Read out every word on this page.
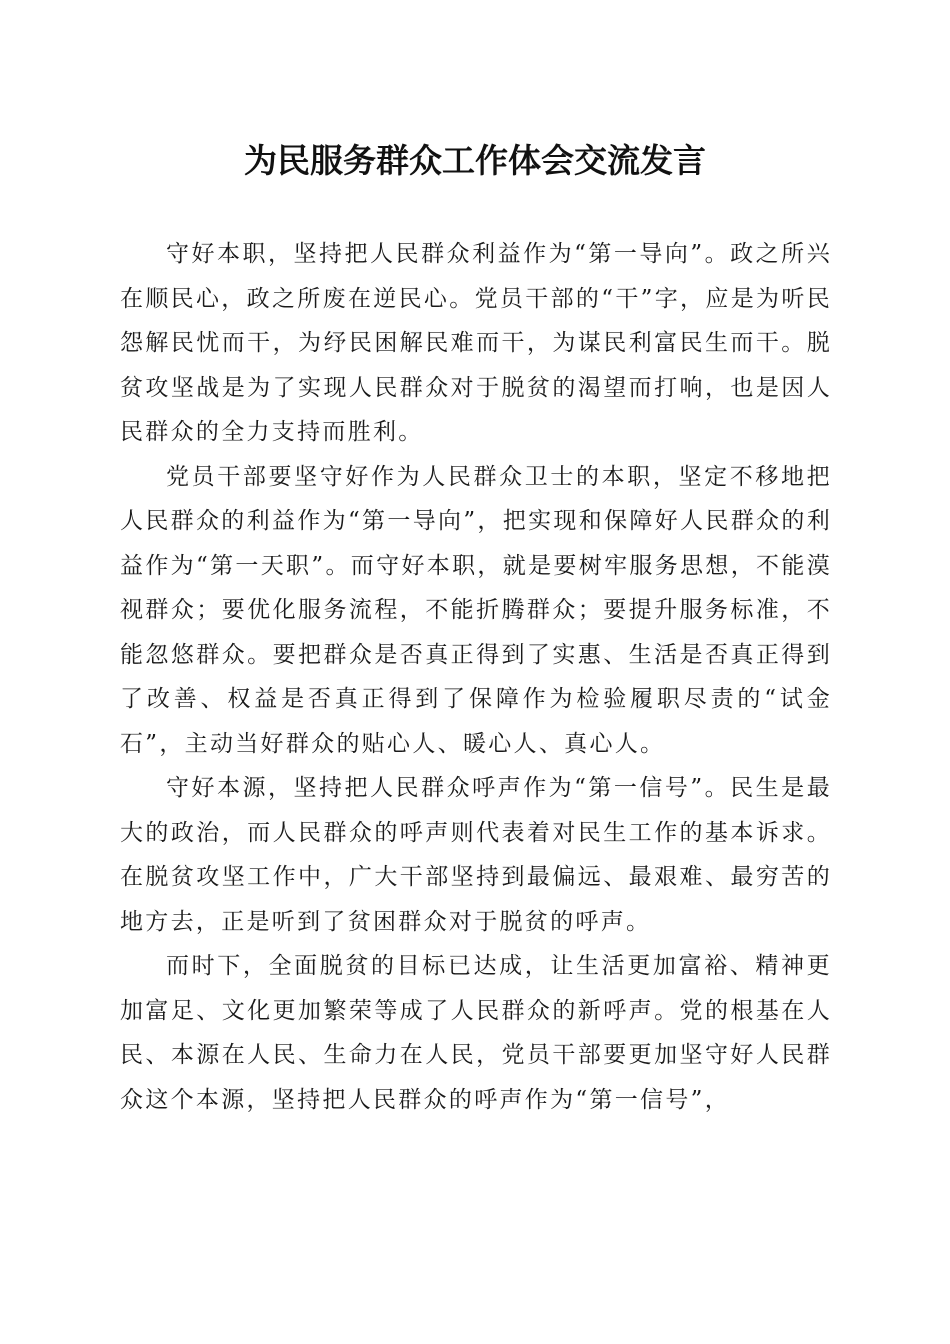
为民服务群众工作体会交流发言

守好本职，坚持把人民群众利益作为“第一导向”。政之所兴在顺民心，政之所废在逆民心。党员干部的“干”字，应是为听民怨解民忧而干，为纾民困解民难而干，为谋民利富民生而干。脱贫攻坚战是为了实现人民群众对于脱贫的渴望而打响，也是因人民群众的全力支持而胜利。

党员干部要坚守好作为人民群众卫士的本职，坚定不移地把人民群众的利益作为“第一导向”，把实现和保障好人民群众的利益作为“第一天职”。而守好本职，就是要树牢服务思想，不能漠视群众；要优化服务流程，不能折腾群众；要提升服务标准，不能忽悠群众。要把群众是否真正得到了实惠、生活是否真正得到了改善、权益是否真正得到了保障作为检验履职尽责的“试金石”，主动当好群众的贴心人、暖心人、真心人。

守好本源，坚持把人民群众呼声作为“第一信号”。民生是最大的政治，而人民群众的呼声则代表着对民生工作的基本诉求。在脱贫攻坚工作中，广大干部坚持到最偏远、最艰难、最穷苦的地方去，正是听到了贫困群众对于脱贫的呼声。

而时下，全面脱贫的目标已达成，让生活更加富裕、精神更加富足、文化更加繁荣等成了人民群众的新呼声。党的根基在人民、本源在人民、生命力在人民，党员干部要更加坚守好人民群众这个本源，坚持把人民群众的呼声作为“第一信号”，
